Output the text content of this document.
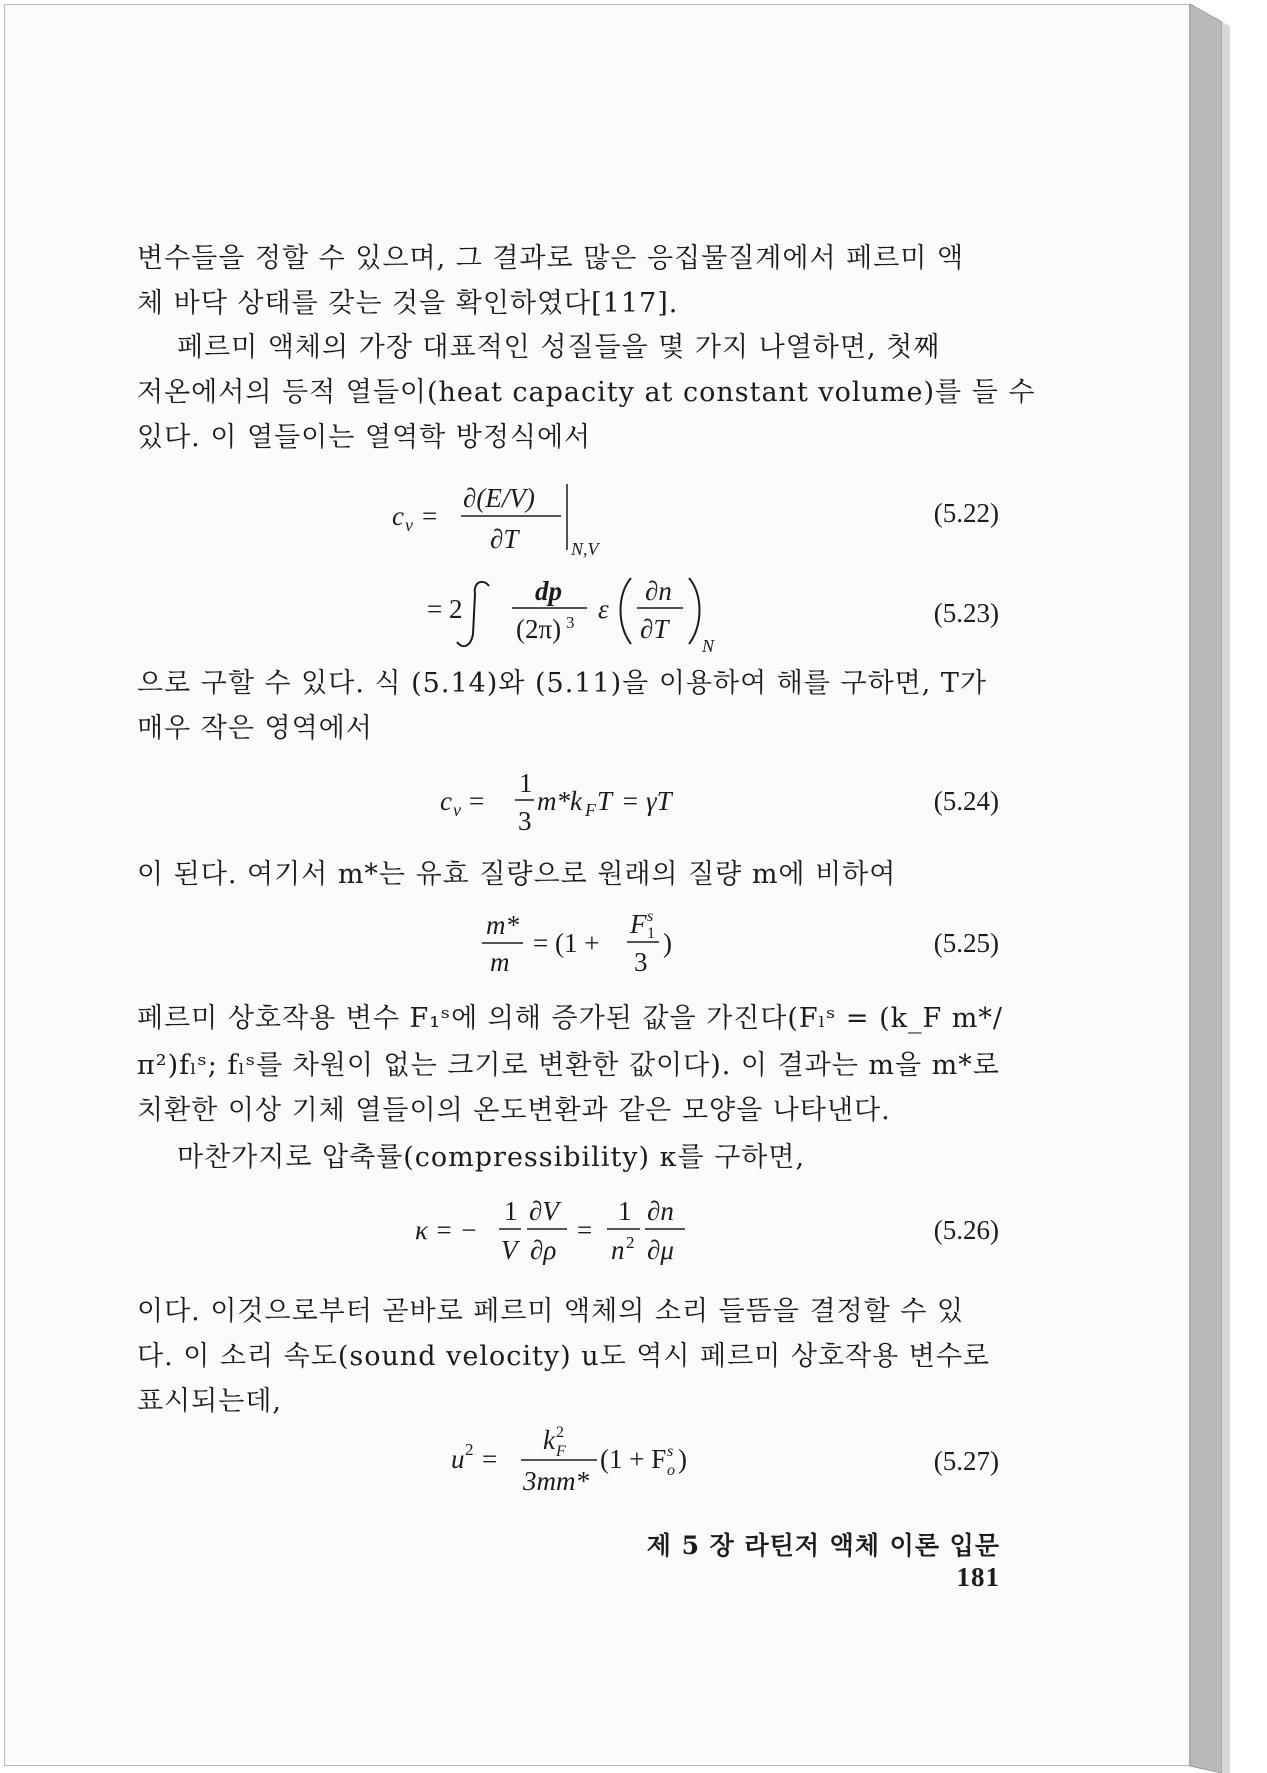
변수들을 정할 수 있으며, 그 결과로 많은 응집물질계에서 페르미 액
체 바닥 상태를 갖는 것을 확인하였다[117].
페르미 액체의 가장 대표적인 성질들을 몇 가지 나열하면, 첫째
저온에서의 등적 열들이(heat capacity at constant volume)를 들 수
있다. 이 열들이는 열역학 방정식에서
c v =
∂(E/V)
∂T	N,V
(5.22)
= 2
dp
(2π) 3 ε
∂n
∂T
N
(5.23)
으로 구할 수 있다. 식 (5.14)와 (5.11)을 이용하여 해를 구하면, T가
매우 작은 영역에서
c v =
1
3
m*k F T = γT	(5.24)
이 된다. 여기서 m*는 유효 질량으로 원래의 질량 m에 비하여
m*
m
= (1 +
F s
1
3
)	(5.25)
페르미 상호작용 변수 F₁ˢ에 의해 증가된 값을 가진다(Fₗˢ = (k_F m*/
π²)fₗˢ; fₗˢ를 차원이 없는 크기로 변환한 값이다). 이 결과는 m을 m*로
치환한 이상 기체 열들이의 온도변환과 같은 모양을 나타낸다.
마찬가지로 압축률(compressibility) κ를 구하면,
κ = −
1
V
∂V
∂ρ
=
1
n 2
∂n
∂μ
(5.26)
이다. 이것으로부터 곧바로 페르미 액체의 소리 들뜸을 결정할 수 있
다. 이 소리 속도(sound velocity) u도 역시 페르미 상호작용 변수로
표시되는데,
u 2 =
k 2
F
3mm*
(1 + F s
o )	(5.27)
제 5 장 라틴저 액체 이론 입문181
